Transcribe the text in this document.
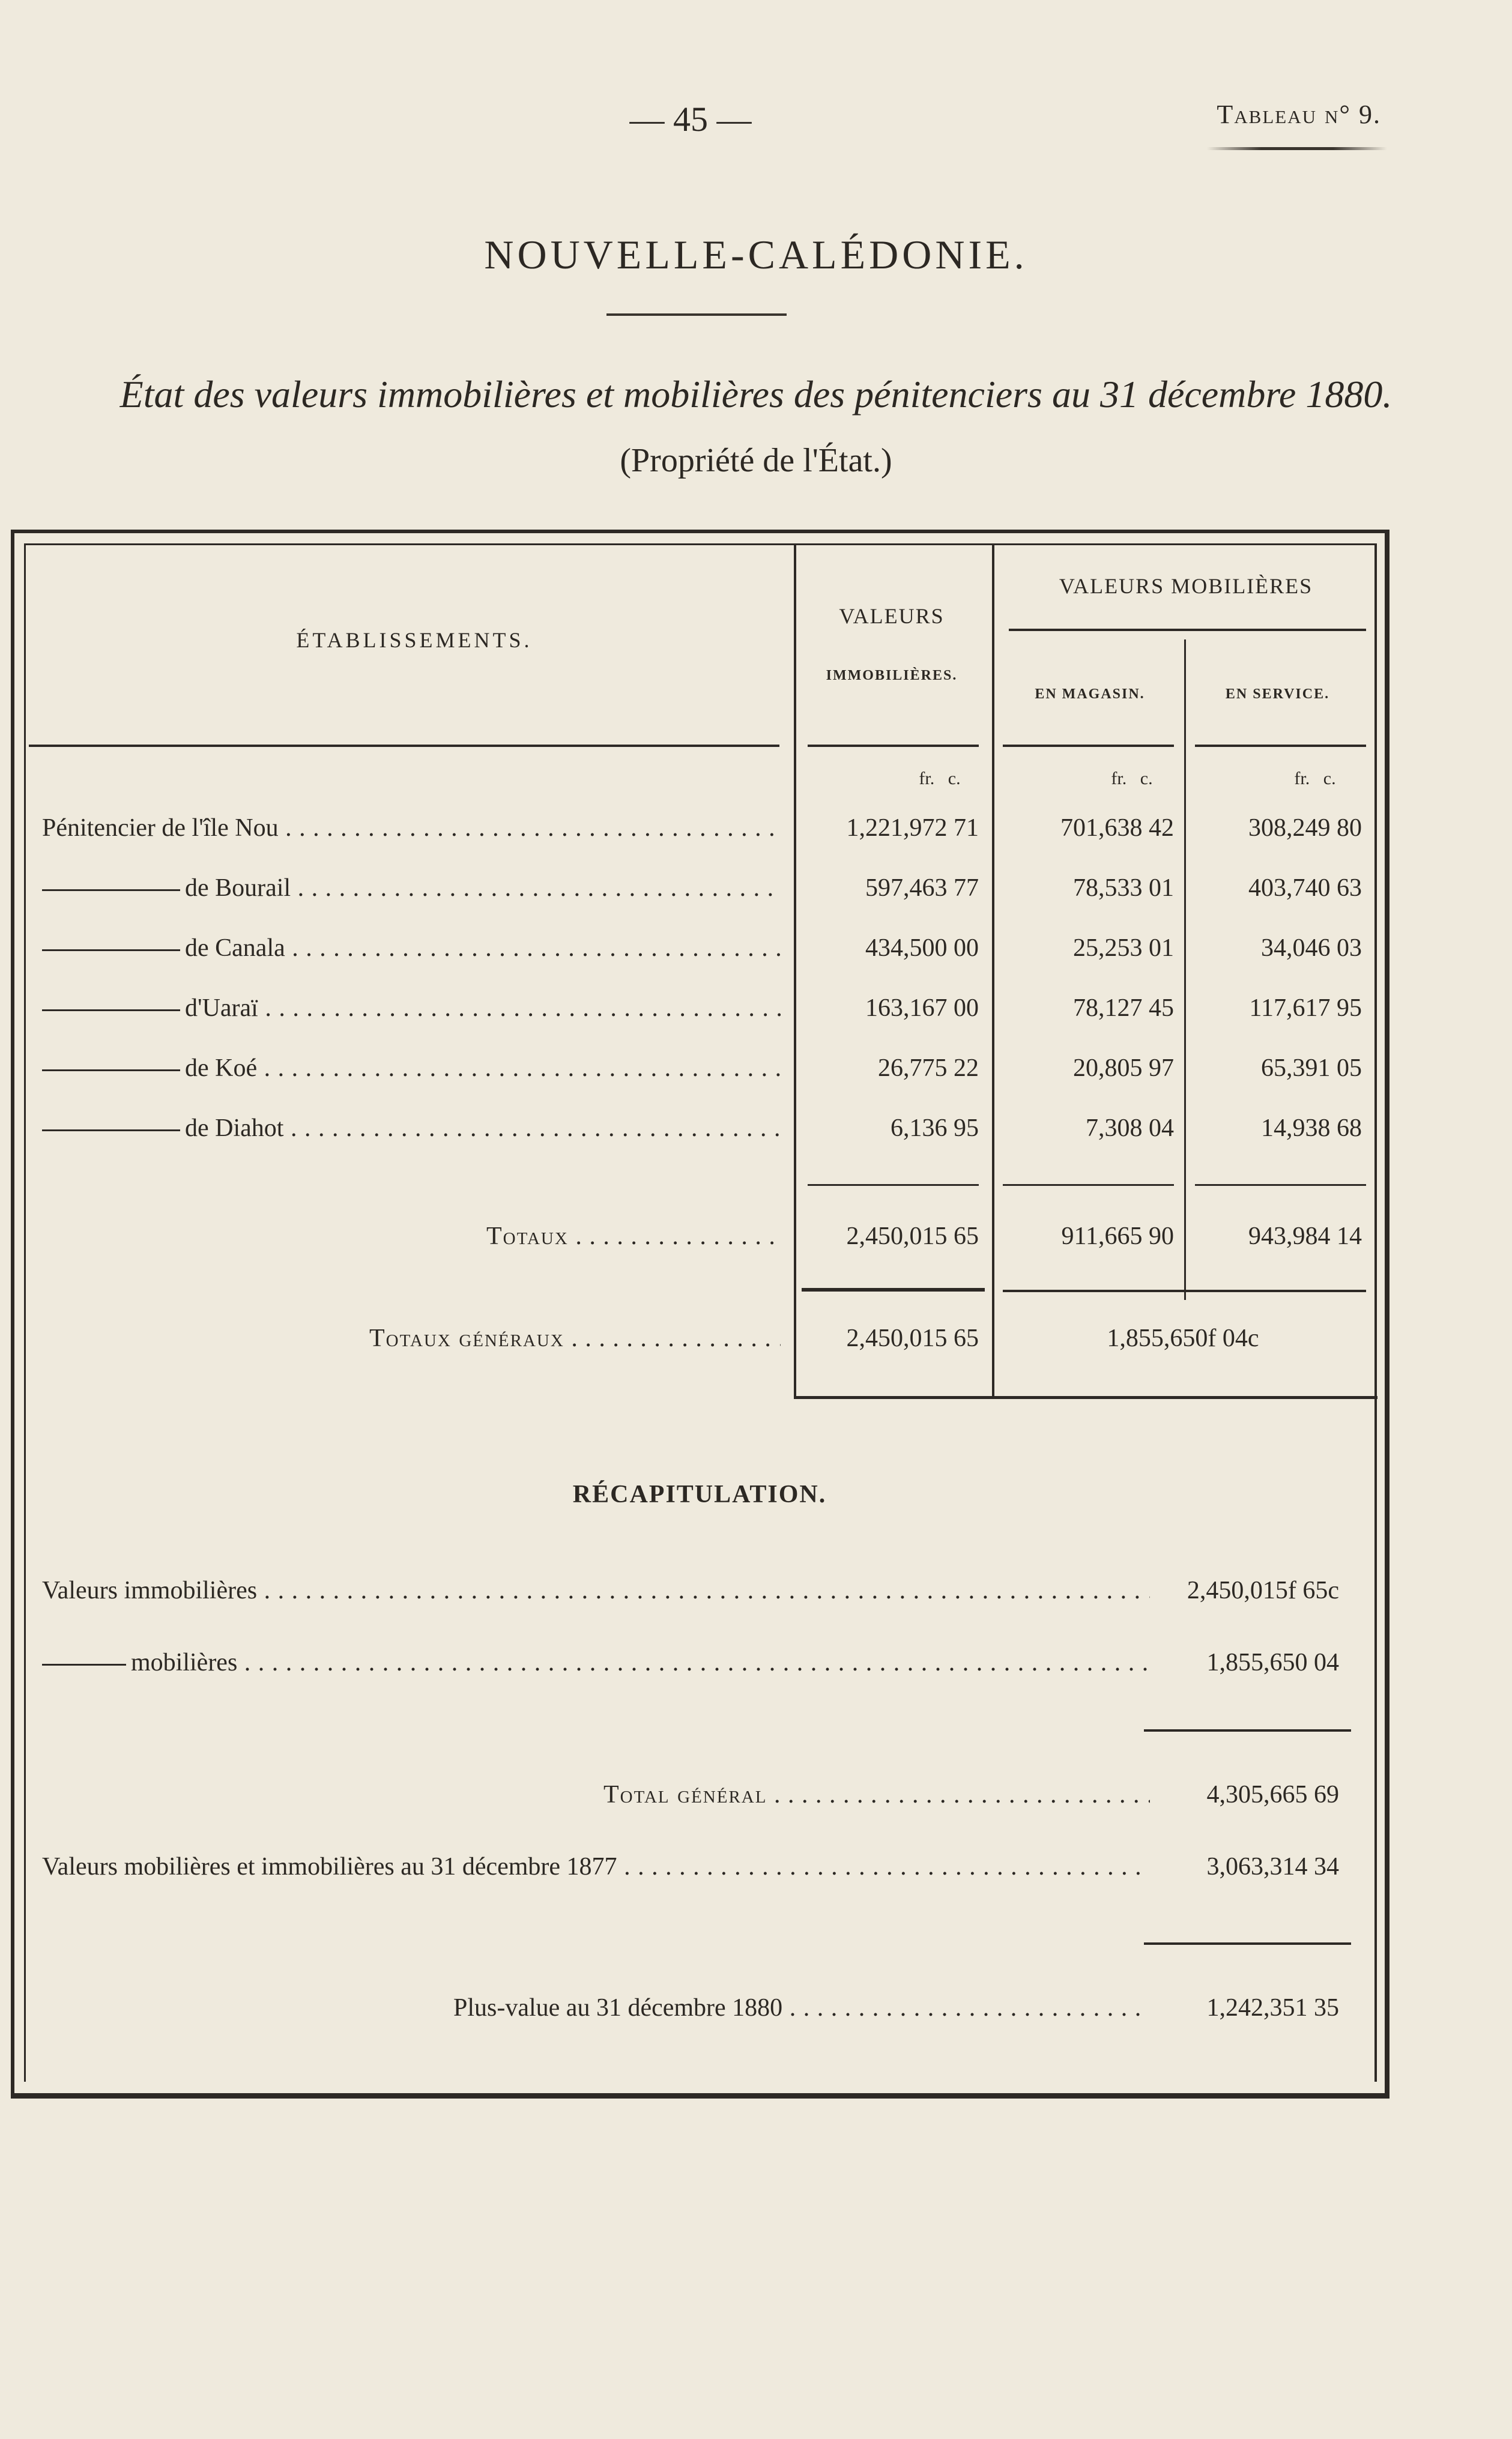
— 45 —	Tableau n° 9.
NOUVELLE-CALÉDONIE.
État des valeurs immobilières et mobilières des pénitenciers au 31 décembre 1880.
(Propriété de l'État.)
ÉTABLISSEMENTS.
VALEURS
IMMOBILIÈRES.
VALEURS MOBILIÈRES
EN MAGASIN.	EN SERVICE.
fr. c.	fr. c.	fr. c.
Pénitencier de l'île Nou . . .	1,221,972 71	701,638 42	308,249 80
de Bourail . . .	597,463 77	78,533 01	403,740 63
de Canala . . .	434,500 00	25,253 01	34,046 03
d'Uaraï . . .	163,167 00	78,127 45	117,617 95
de Koé . . .	26,775 22	20,805 97	65,391 05
de Diahot . . .	6,136 95	7,308 04	14,938 68
Totaux . . .	2,450,015 65	911,665 90	943,984 14
Totaux généraux . . .	2,450,015 65	1,855,650f 04c
RÉCAPITULATION.
Valeurs immobilières . . .	2,450,015f 65c
mobilières . . .	1,855,650 04
Total général . . .	4,305,665 69
Valeurs mobilières et immobilières au 31 décembre 1877 . . .	3,063,314 34
Plus-value au 31 décembre 1880 . . .	1,242,351 35
